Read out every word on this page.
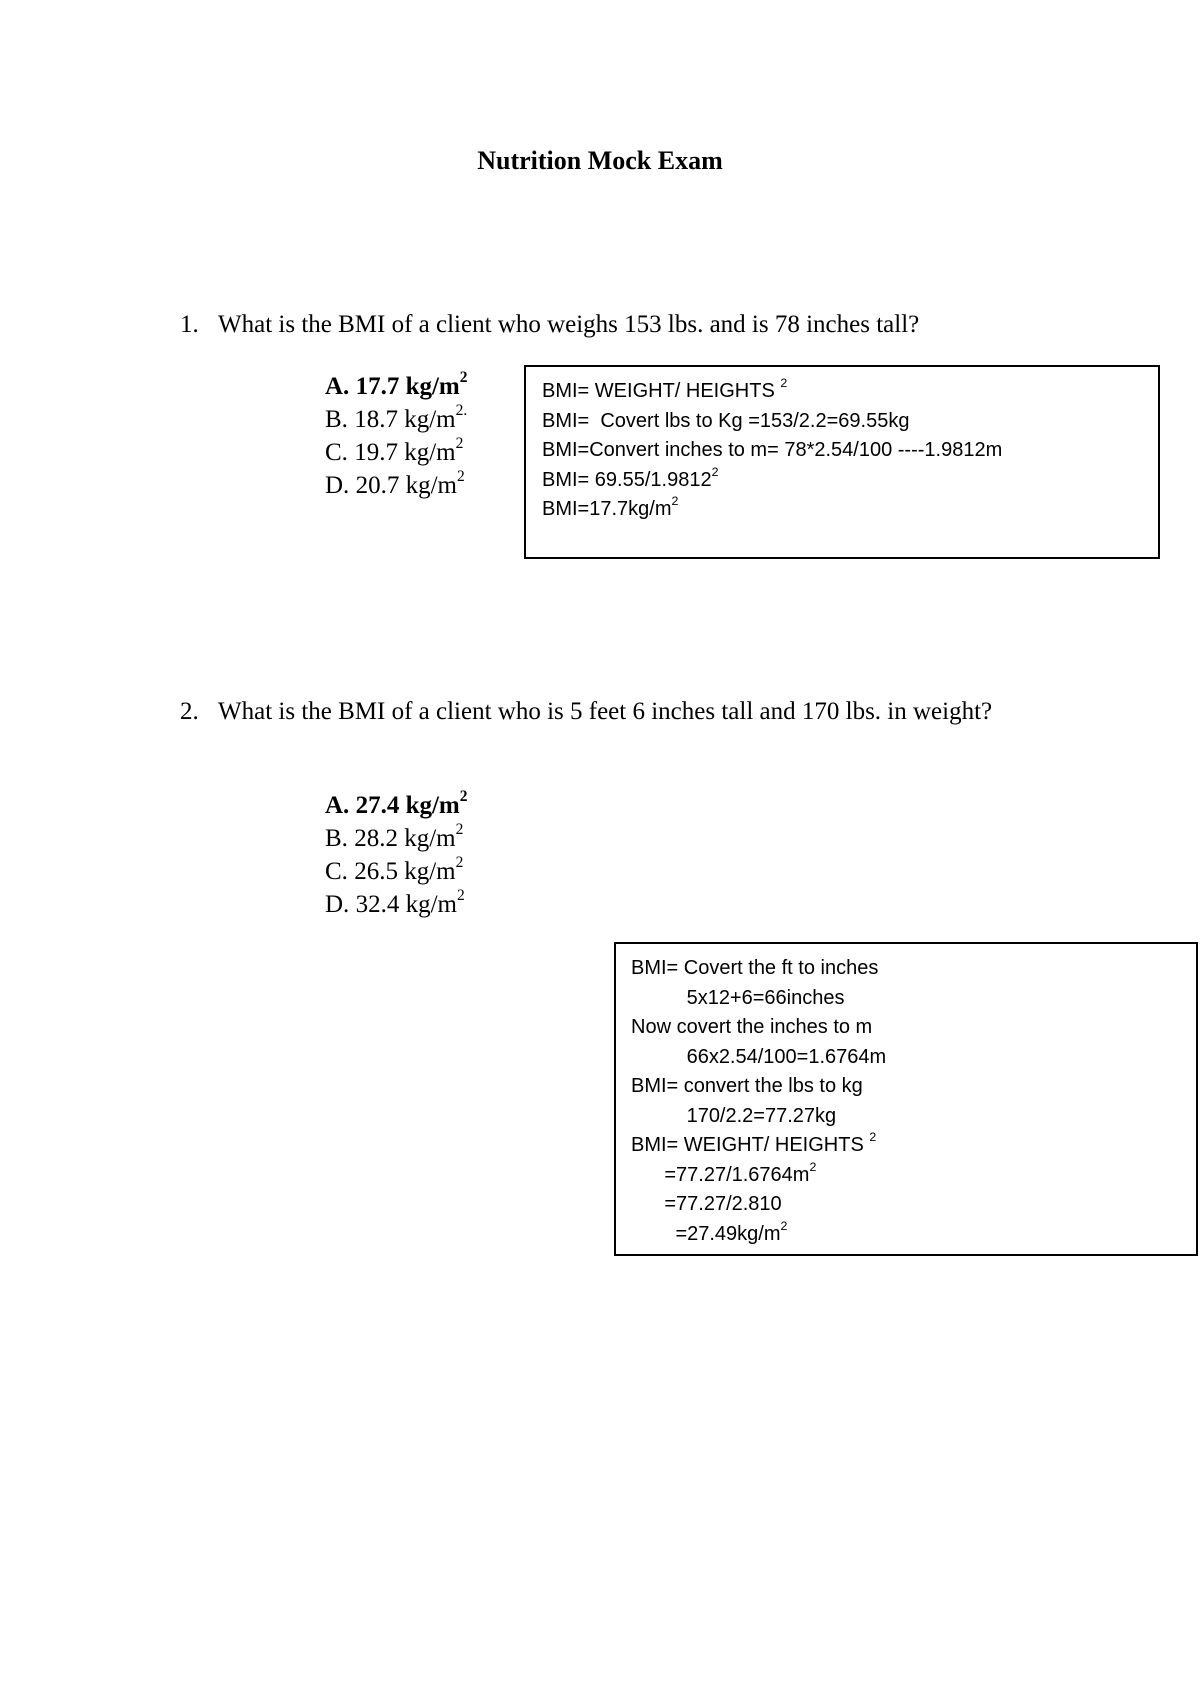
Nutrition Mock Exam
1. What is the BMI of a client who weighs 153 lbs. and is 78 inches tall?
A. 17.7 $kg/m^2$
B. 18.7 $kg/m^{2.}$
C. 19.7 $kg/m^2$
D. 20.7 $kg/m^2$
BMI= WEIGHT/ HEIGHTS $^2$
BMI=  Covert lbs to Kg =153/2.2=69.55kg
BMI=Convert inches to m= 78*2.54/100 ----1.9812m
$BMI= 69.55/1.9812^2$
$BMI=17.7kg/m^2$
2. What is the BMI of a client who is 5 feet 6 inches tall and 170 lbs. in weight?
A. 27.4 $kg/m^2$
B. 28.2 $kg/m^2$
C. 26.5 $kg/m^2$
D. 32.4 $kg/m^2$
BMI= Covert the ft to inches
5x12+6=66inches
Now covert the inches to m
66x2.54/100=1.6764m
BMI= convert the lbs to kg
170/2.2=77.27kg
BMI= WEIGHT/ HEIGHTS $^2$
$=77.27/1.6764m^2$
=77.27/2.810
$=27.49kg/m^2$
